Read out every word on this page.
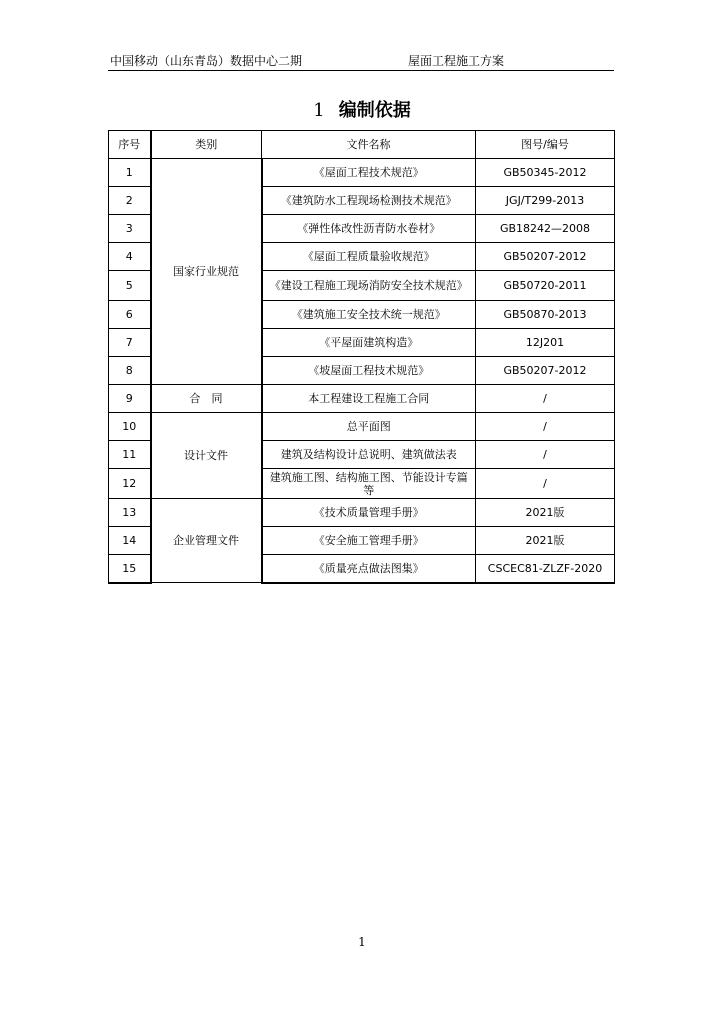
中国移动（山东青岛）数据中心二期	屋面工程施工方案
1 编制依据
序号	类别	文件名称	图号/编号
1	国家行业规范	《屋面工程技术规范》	GB50345-2012
2		《建筑防水工程现场检测技术规范》	JGJ/T299-2013
3		《弹性体改性沥青防水卷材》	GB18242—2008
4		《屋面工程质量验收规范》	GB50207-2012
5		《建设工程施工现场消防安全技术规范》	GB50720-2011
6		《建筑施工安全技术统一规范》	GB50870-2013
7		《平屋面建筑构造》	12J201
8		《坡屋面工程技术规范》	GB50207-2012
9	合　同	本工程建设工程施工合同	/
10	设计文件	总平面图	/
11		建筑及结构设计总说明、建筑做法表	/
12		建筑施工图、结构施工图、节能设计专篇等	/
13	企业管理文件	《技术质量管理手册》	2021版
14		《安全施工管理手册》	2021版
15		《质量亮点做法图集》	CSCEC81-ZLZF-2020
1
